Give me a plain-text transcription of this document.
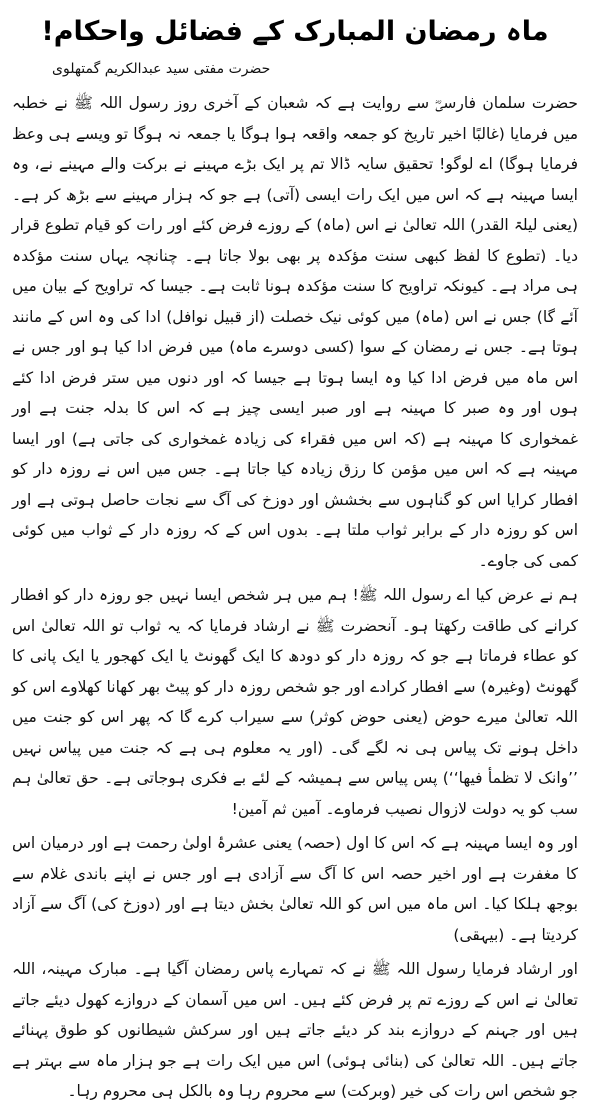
ماہ رمضان المبارک کے فضائل واحکام!
حضرت مفتی سید عبدالکریم گمتھلوی

حضرت سلمان فارسیؓ سے روایت ہے کہ شعبان کے آخری روز رسول اللہ ﷺ نے خطبہ میں فرمایا (غالبًا اخیر تاریخ کو جمعہ واقعہ ہوا ہوگا یا جمعہ نہ ہوگا تو ویسے ہی وعظ فرمایا ہوگا) اے لوگو! تحقیق سایہ ڈالا تم پر ایک بڑے مہینے نے برکت والے مہینے نے، وہ ایسا مہینہ ہے کہ اس میں ایک رات ایسی (آتی) ہے جو کہ ہزار مہینے سے بڑھ کر ہے۔ (یعنی لیلۃ القدر) اللہ تعالیٰ نے اس (ماہ) کے روزے فرض کئے اور رات کو قیام تطوع قرار دیا۔ (تطوع کا لفظ کبھی سنت مؤکدہ پر بھی بولا جاتا ہے۔ چنانچہ یہاں سنت مؤکدہ ہی مراد ہے۔ کیونکہ تراویح کا سنت مؤکدہ ہونا ثابت ہے۔ جیسا کہ تراویح کے بیان میں آئے گا) جس نے اس (ماہ) میں کوئی نیک خصلت (از قبیل نوافل) ادا کی وہ اس کے مانند ہوتا ہے۔ جس نے رمضان کے سوا (کسی دوسرے ماہ) میں فرض ادا کیا ہو اور جس نے اس ماہ میں فرض ادا کیا وہ ایسا ہوتا ہے جیسا کہ اور دنوں میں ستر فرض ادا کئے ہوں اور وہ صبر کا مہینہ ہے اور صبر ایسی چیز ہے کہ اس کا بدلہ جنت ہے اور غمخواری کا مہینہ ہے (کہ اس میں فقراء کی زیادہ غمخواری کی جاتی ہے) اور ایسا مہینہ ہے کہ اس میں مؤمن کا رزق زیادہ کیا جاتا ہے۔ جس میں اس نے روزہ دار کو افطار کرایا اس کو گناہوں سے بخشش اور دوزخ کی آگ سے نجات حاصل ہوتی ہے اور اس کو روزہ دار کے برابر ثواب ملتا ہے۔ بدوں اس کے کہ روزہ دار کے ثواب میں کوئی کمی کی جاوے۔

ہم نے عرض کیا اے رسول اللہ ﷺ! ہم میں ہر شخص ایسا نہیں جو روزہ دار کو افطار کرانے کی طاقت رکھتا ہو۔ آنحضرت ﷺ نے ارشاد فرمایا کہ یہ ثواب تو اللہ تعالیٰ اس کو عطاء فرماتا ہے جو کہ روزہ دار کو دودھ کا ایک گھونٹ یا ایک کھجور یا ایک پانی کا گھونٹ (وغیرہ) سے افطار کرادے اور جو شخص روزہ دار کو پیٹ بھر کھانا کھلاوے اس کو اللہ تعالیٰ میرے حوض (یعنی حوض کوثر) سے سیراب کرے گا کہ پھر اس کو جنت میں داخل ہونے تک پیاس ہی نہ لگے گی۔ (اور یہ معلوم ہی ہے کہ جنت میں پیاس نہیں ’’وانک لا تظمأ فیھا‘‘) پس پیاس سے ہمیشہ کے لئے بے فکری ہوجاتی ہے۔ حق تعالیٰ ہم سب کو یہ دولت لازوال نصیب فرماوے۔ آمین ثم آمین!

اور وہ ایسا مہینہ ہے کہ اس کا اول (حصہ) یعنی عشرۂ اولیٰ رحمت ہے اور درمیان اس کا مغفرت ہے اور اخیر حصہ اس کا آگ سے آزادی ہے اور جس نے اپنے باندی غلام سے بوجھ ہلکا کیا۔ اس ماہ میں اس کو اللہ تعالیٰ بخش دیتا ہے اور (دوزخ کی) آگ سے آزاد کردیتا ہے۔ (بیہقی)

اور ارشاد فرمایا رسول اللہ ﷺ نے کہ تمہارے پاس رمضان آگیا ہے۔ مبارک مہینہ، اللہ تعالیٰ نے اس کے روزے تم پر فرض کئے ہیں۔ اس میں آسمان کے دروازے کھول دیئے جاتے ہیں اور جہنم کے دروازے بند کر دیئے جاتے ہیں اور سرکش شیطانوں کو طوق پہنائے جاتے ہیں۔ اللہ تعالیٰ کی (بنائی ہوئی) اس میں ایک رات ہے جو ہزار ماہ سے بہتر ہے جو شخص اس رات کی خیر (وبرکت) سے محروم رہا وہ بالکل ہی محروم رہا۔
